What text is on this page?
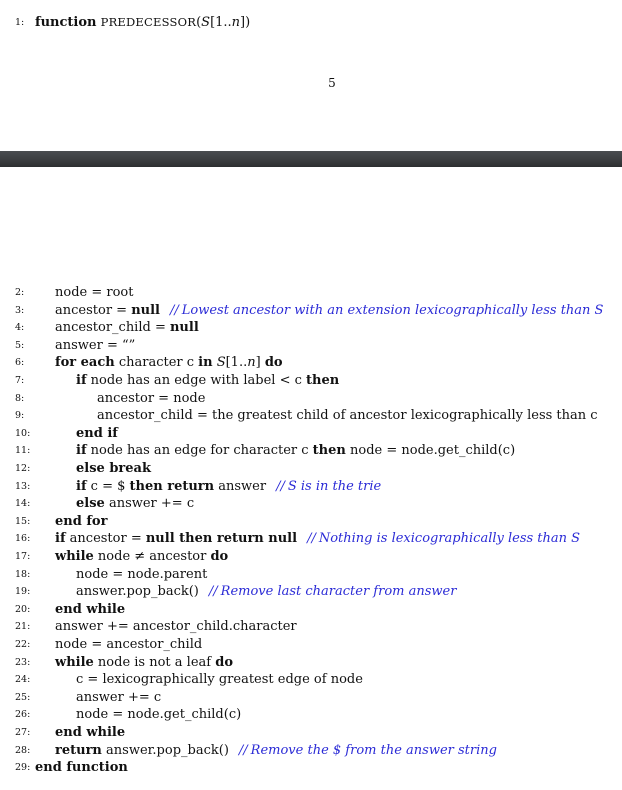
1: function PREDECESSOR(S[1..n])
2:	node = root
3:	ancestor = null // Lowest ancestor with an extension lexicographically less than S
4:	ancestor_child = null
5:	answer = “”
6:	for each character c in S[1..n] do
7:	if node has an edge with label < c then
8:	ancestor = node
9:	ancestor_child = the greatest child of ancestor lexicographically less than c
10:	end if
11:	if node has an edge for character c then node = node.get_child(c)
12:	else break
13:	if c = $ then return answer // S is in the trie
14:	else answer += c
15: end for
16: if ancestor = null then return null // Nothing is lexicographically less than S
17: while node ≠ ancestor do
18:	node = node.parent
19:	answer.pop_back() // Remove last character from answer
20: end while
21: answer += ancestor_child.character
22: node = ancestor_child
23: while node is not a leaf do
24:	c = lexicographically greatest edge of node
25:	answer += c
26:	node = node.get_child(c)
27: end while
28: return answer.pop_back() // Remove the $ from the answer string
29: end function
5
